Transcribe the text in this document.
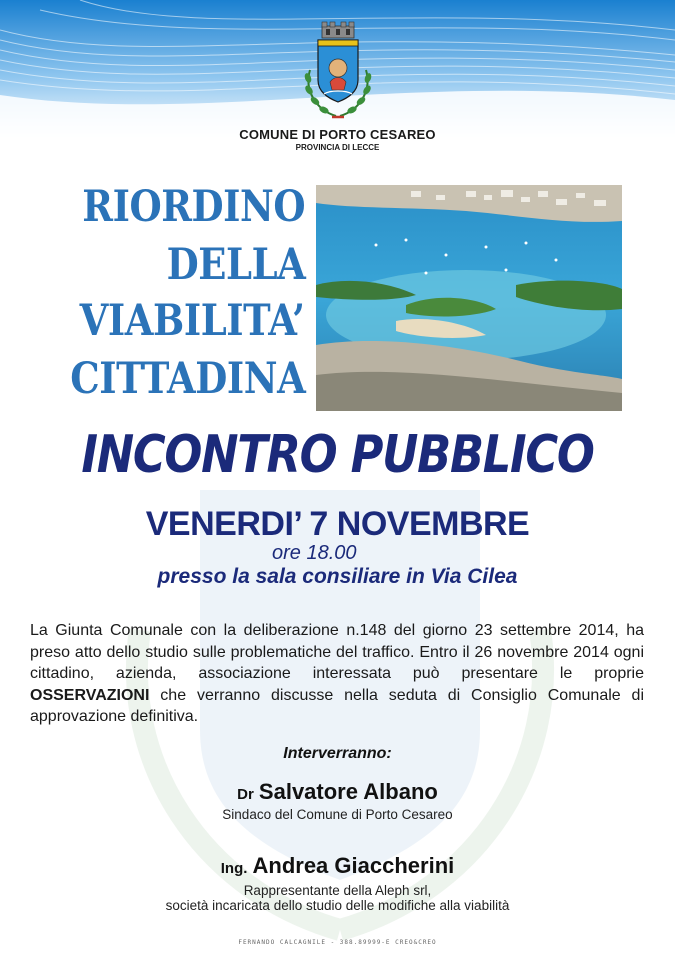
COMUNE DI PORTO CESAREO
PROVINCIA DI LECCE
RIORDINO
DELLA
VIABILITA’
CITTADINA
INCONTRO PUBBLICO
VENERDI’ 7 NOVEMBRE
ore 18.00
presso la sala consiliare in Via Cilea
La Giunta Comunale con la deliberazione n.148 del giorno 23 settembre 2014, ha preso atto dello studio sulle problematiche del traffico. Entro il 26 novembre 2014 ogni cittadino, azienda, associazione interessata può presentare le proprie OSSERVAZIONI che verranno discusse nella seduta di Consiglio Comunale di approvazione definitiva.
Interverranno:
Dr Salvatore Albano
Sindaco del Comune di Porto Cesareo
Ing. Andrea Giaccherini
Rappresentante della Aleph srl,
società incaricata dello studio delle modifiche alla viabilità
FERNANDO CALCAGNILE - 388.89999-E CREO&CREO
